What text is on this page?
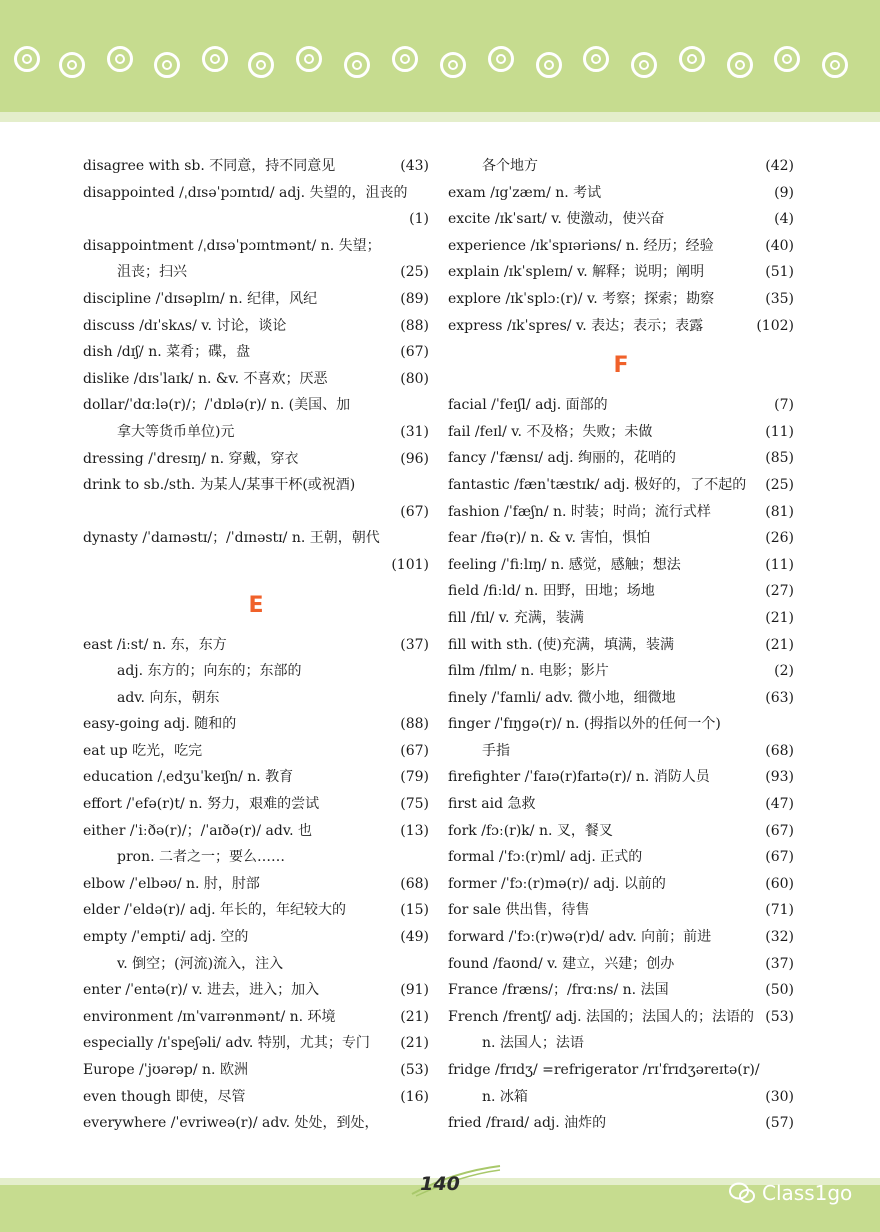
disagree with sb. 不同意，持不同意见	(43)
disappointed /ˌdɪsəˈpɔɪntɪd/ adj. 失望的，沮丧的
(1)
disappointment /ˌdɪsəˈpɔɪntmənt/ n. 失望；
沮丧；扫兴	(25)
discipline /ˈdɪsəplɪn/ n. 纪律，风纪	(89)
discuss /dɪˈskʌs/ v. 讨论，谈论	(88)
dish /dɪʃ/ n. 菜肴；碟，盘	(67)
dislike /dɪsˈlaɪk/ n. &v. 不喜欢；厌恶	(80)
dollar/ˈdɑːlə(r)/；/ˈdɒlə(r)/ n. (美国、加
拿大等货币单位)元	(31)
dressing /ˈdresɪŋ/ n. 穿戴，穿衣	(96)
drink to sb./sth. 为某人/某事干杯(或祝酒)
(67)
dynasty /ˈdaɪnəstɪ/；/ˈdɪnəstɪ/ n. 王朝，朝代
(101)
E
east /iːst/ n. 东，东方	(37)
adj. 东方的；向东的；东部的
adv. 向东，朝东
easy-going adj. 随和的	(88)
eat up 吃光，吃完	(67)
education /ˌedʒuˈkeɪʃn/ n. 教育	(79)
effort /ˈefə(r)t/ n. 努力，艰难的尝试	(75)
either /ˈiːðə(r)/；/ˈaɪðə(r)/ adv. 也	(13)
pron. 二者之一；要么……
elbow /ˈelbəʊ/ n. 肘，肘部	(68)
elder /ˈeldə(r)/ adj. 年长的，年纪较大的	(15)
empty /ˈempti/ adj. 空的	(49)
v. 倒空；(河流)流入，注入
enter /ˈentə(r)/ v. 进去，进入；加入	(91)
environment /ɪnˈvaɪrənmənt/ n. 环境	(21)
especially /ɪˈspeʃəli/ adv. 特别，尤其；专门 (21)
Europe /ˈjʊərəp/ n. 欧洲	(53)
even though 即使，尽管	(16)
everywhere /ˈevriweə(r)/ adv. 处处，到处，
各个地方	(42)
exam /ɪgˈzæm/ n. 考试	(9)
excite /ɪkˈsaɪt/ v. 使激动，使兴奋	(4)
experience /ɪkˈspɪəriəns/ n. 经历；经验	(40)
explain /ɪkˈspleɪn/ v. 解释；说明；阐明	(51)
explore /ɪkˈsplɔː(r)/ v. 考察；探索；勘察	(35)
express /ɪkˈspres/ v. 表达；表示；表露	(102)
F
facial /ˈfeɪʃl/ adj. 面部的	(7)
fail /feɪl/ v. 不及格；失败；未做	(11)
fancy /ˈfænsɪ/ adj. 绚丽的，花哨的	(85)
fantastic /fænˈtæstɪk/ adj. 极好的，了不起的 (25)
fashion /ˈfæʃn/ n. 时装；时尚；流行式样	(81)
fear /fɪə(r)/ n. & v. 害怕，惧怕	(26)
feeling /ˈfiːlɪŋ/ n. 感觉，感触；想法	(11)
field /fiːld/ n. 田野，田地；场地	(27)
fill /fɪl/ v. 充满，装满	(21)
fill with sth. (使)充满，填满，装满	(21)
film /fɪlm/ n. 电影；影片	(2)
finely /ˈfaɪnli/ adv. 微小地，细微地	(63)
finger /ˈfɪŋgə(r)/ n. (拇指以外的任何一个)
手指	(68)
firefighter /ˈfaɪə(r)faɪtə(r)/ n. 消防人员	(93)
first aid 急救	(47)
fork /fɔː(r)k/ n. 叉，餐叉	(67)
formal /ˈfɔː(r)ml/ adj. 正式的	(67)
former /ˈfɔː(r)mə(r)/ adj. 以前的	(60)
for sale 供出售，待售	(71)
forward /ˈfɔː(r)wə(r)d/ adv. 向前；前进	(32)
found /faʊnd/ v. 建立，兴建；创办	(37)
France /fræns/；/frɑːns/ n. 法国	(50)
French /frentʃ/ adj. 法国的；法国人的；法语的 (53)
n. 法国人；法语
fridge /frɪdʒ/ =refrigerator /rɪˈfrɪdʒəreɪtə(r)/
n. 冰箱	(30)
fried /fraɪd/ adj. 油炸的	(57)
140	Class1go
